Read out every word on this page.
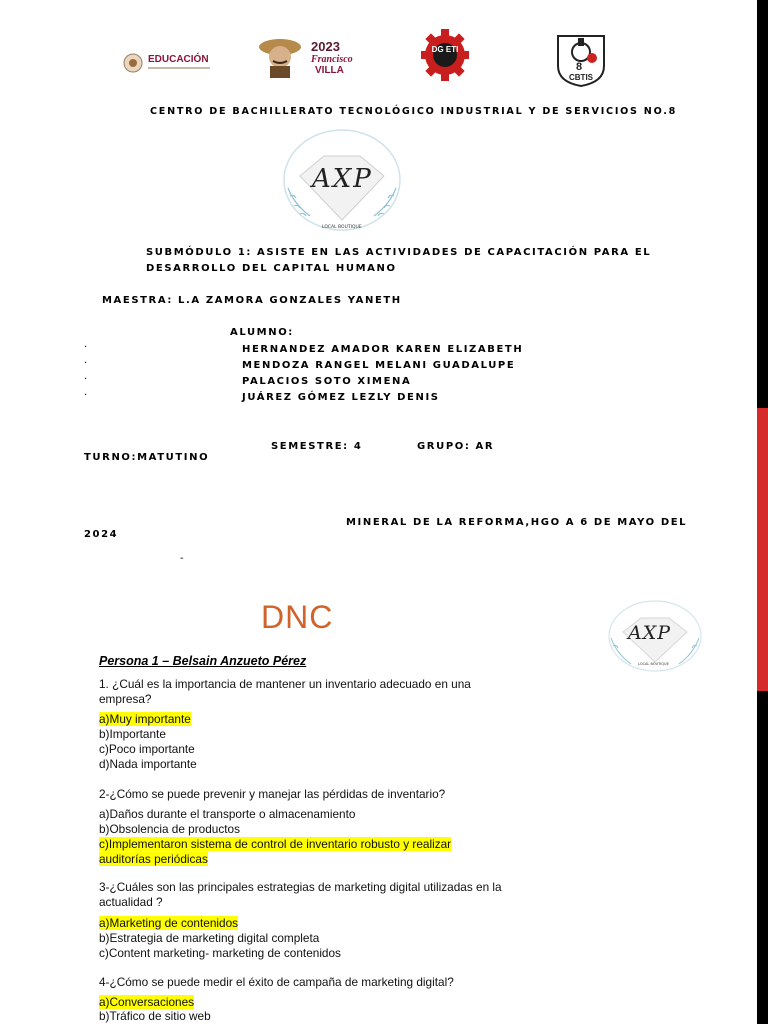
EDUCACIÓN
2023
Francisco
VILLA
DG ETI
8
CBTIS
CENTRO DE BACHILLERATO TECNOLÓGICO INDUSTRIAL Y DE SERVICIOS NO.8
AXP
LOCAL BOUTIQUE
SUBMÓDULO 1: ASISTE EN LAS ACTIVIDADES DE CAPACITACIÓN PARA EL
DESARROLLO DEL CAPITAL HUMANO
MAESTRA: L.A ZAMORA GONZALES YANETH
ALUMNO:
·	HERNANDEZ AMADOR KAREN ELIZABETH
·	MENDOZA RANGEL MELANI GUADALUPE
·	PALACIOS SOTO XIMENA
·	JUÁREZ GÓMEZ LEZLY DENIS
SEMESTRE: 4	GRUPO: AR
TURNO:MATUTINO
MINERAL DE LA REFORMA,HGO A 6 DE MAYO DEL
2024
-
DNC	AXP
LOCAL BOUTIQUE
Persona 1 – Belsain Anzueto Pérez
1. ¿Cuál es la importancia de mantener un inventario adecuado en una
empresa?
a)Muy importante
b)Importante
c)Poco importante
d)Nada importante
2-¿Cómo se puede prevenir y manejar las pérdidas de inventario?
a)Daños durante el transporte o almacenamiento
b)Obsolencia de productos
c)Implementaron sistema de control de inventario robusto y realizar
auditorías periódicas
3-¿Cuáles son las principales estrategias de marketing digital utilizadas en la
actualidad ?
a)Marketing de contenidos
b)Estrategia de marketing digital completa
c)Content marketing- marketing de contenidos
4-¿Cómo se puede medir el éxito de campaña de marketing digital?
a)Conversaciones
b)Tráfico de sitio web
